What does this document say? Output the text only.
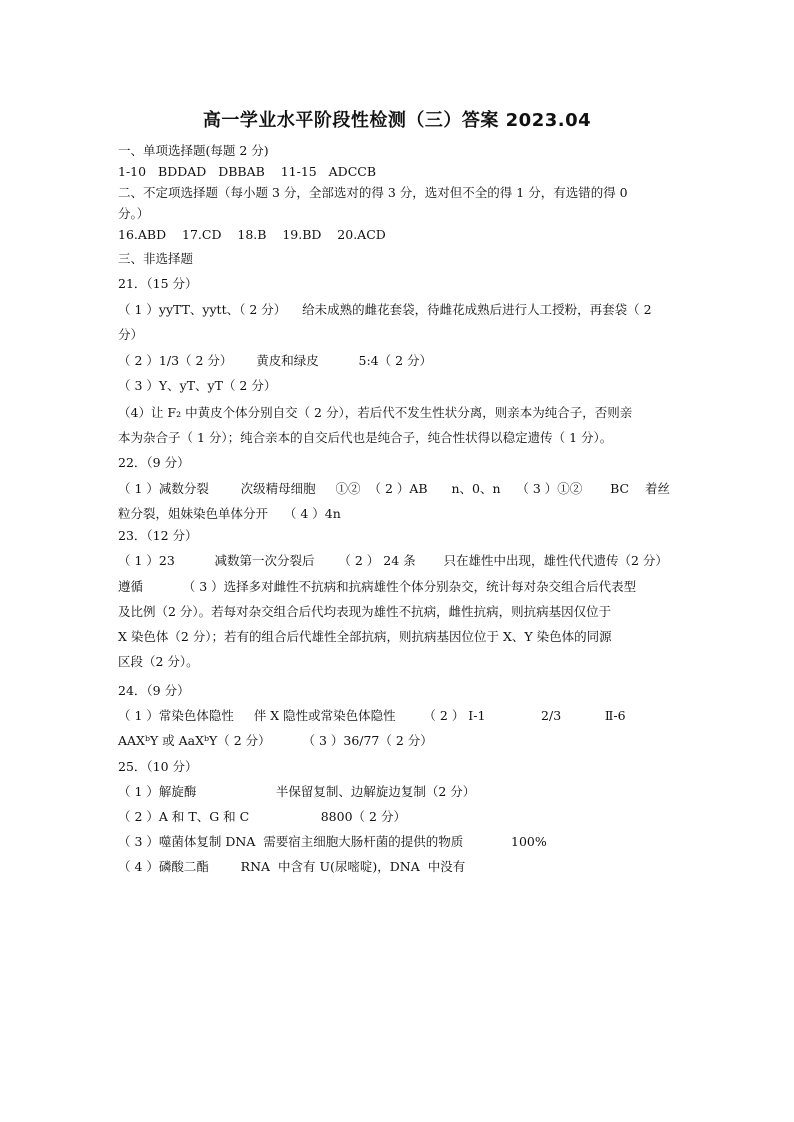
高一学业水平阶段性检测（三）答案 2023.04
一、单项选择题(每题 2 分)
1-10   BDDAD   DBBAB    11-15   ADCCB
二、不定项选择题（每小题 3 分，全部选对的得 3 分，选对但不全的得 1 分，有选错的得 0
分。）
16.ABD    17.CD    18.B    19.BD    20.ACD
三、非选择题
21．（15 分）
（ 1 ）yyTT、yytt、（ 2 分）    给未成熟的雌花套袋，待雌花成熟后进行人工授粉，再套袋（ 2
分）
（ 2 ）1/3（ 2 分）      黄皮和绿皮          5:4（ 2 分）
（ 3 ）Y、yT、yT（ 2 分）
（4）让 F₂ 中黄皮个体分别自交（ 2 分），若后代不发生性状分离，则亲本为纯合子，否则亲
本为杂合子（ 1 分）；纯合亲本的自交后代也是纯合子，纯合性状得以稳定遗传（ 1 分）。
22．（9 分）
（ 1 ）减数分裂        次级精母细胞     ①②  （ 2 ）AB      n、0、n    （ 3 ）①②       BC    着丝
粒分裂，姐妹染色单体分开    （ 4 ）4n
23．（12 分）
（ 1 ）23          减数第一次分裂后      （ 2 ） 24 条       只在雄性中出现，雄性代代遗传（2 分）
遵循          （ 3 ）选择多对雌性不抗病和抗病雄性个体分别杂交，统计每对杂交组合后代表型
及比例（2 分）。若每对杂交组合后代均表现为雄性不抗病，雌性抗病，则抗病基因仅位于
X 染色体（2 分）；若有的组合后代雄性全部抗病，则抗病基因位位于 X、Y 染色体的同源
区段（2 分）。
24．（9 分）
（ 1 ）常染色体隐性     伴 X 隐性或常染色体隐性       （ 2 ） Ⅰ-1              2/3           Ⅱ-6
AAXᵇY 或 AaXᵇY（ 2 分）        （ 3 ）36/77（ 2 分）
25．（10 分）
（ 1 ）解旋酶                    半保留复制、边解旋边复制（2 分）
（ 2 ）A 和 T、G 和 C                  8800（ 2 分）
（ 3 ）噬菌体复制 DNA  需要宿主细胞大肠杆菌的提供的物质            100%
（ 4 ）磷酸二酯        RNA  中含有 U(尿嘧啶)，DNA  中没有
